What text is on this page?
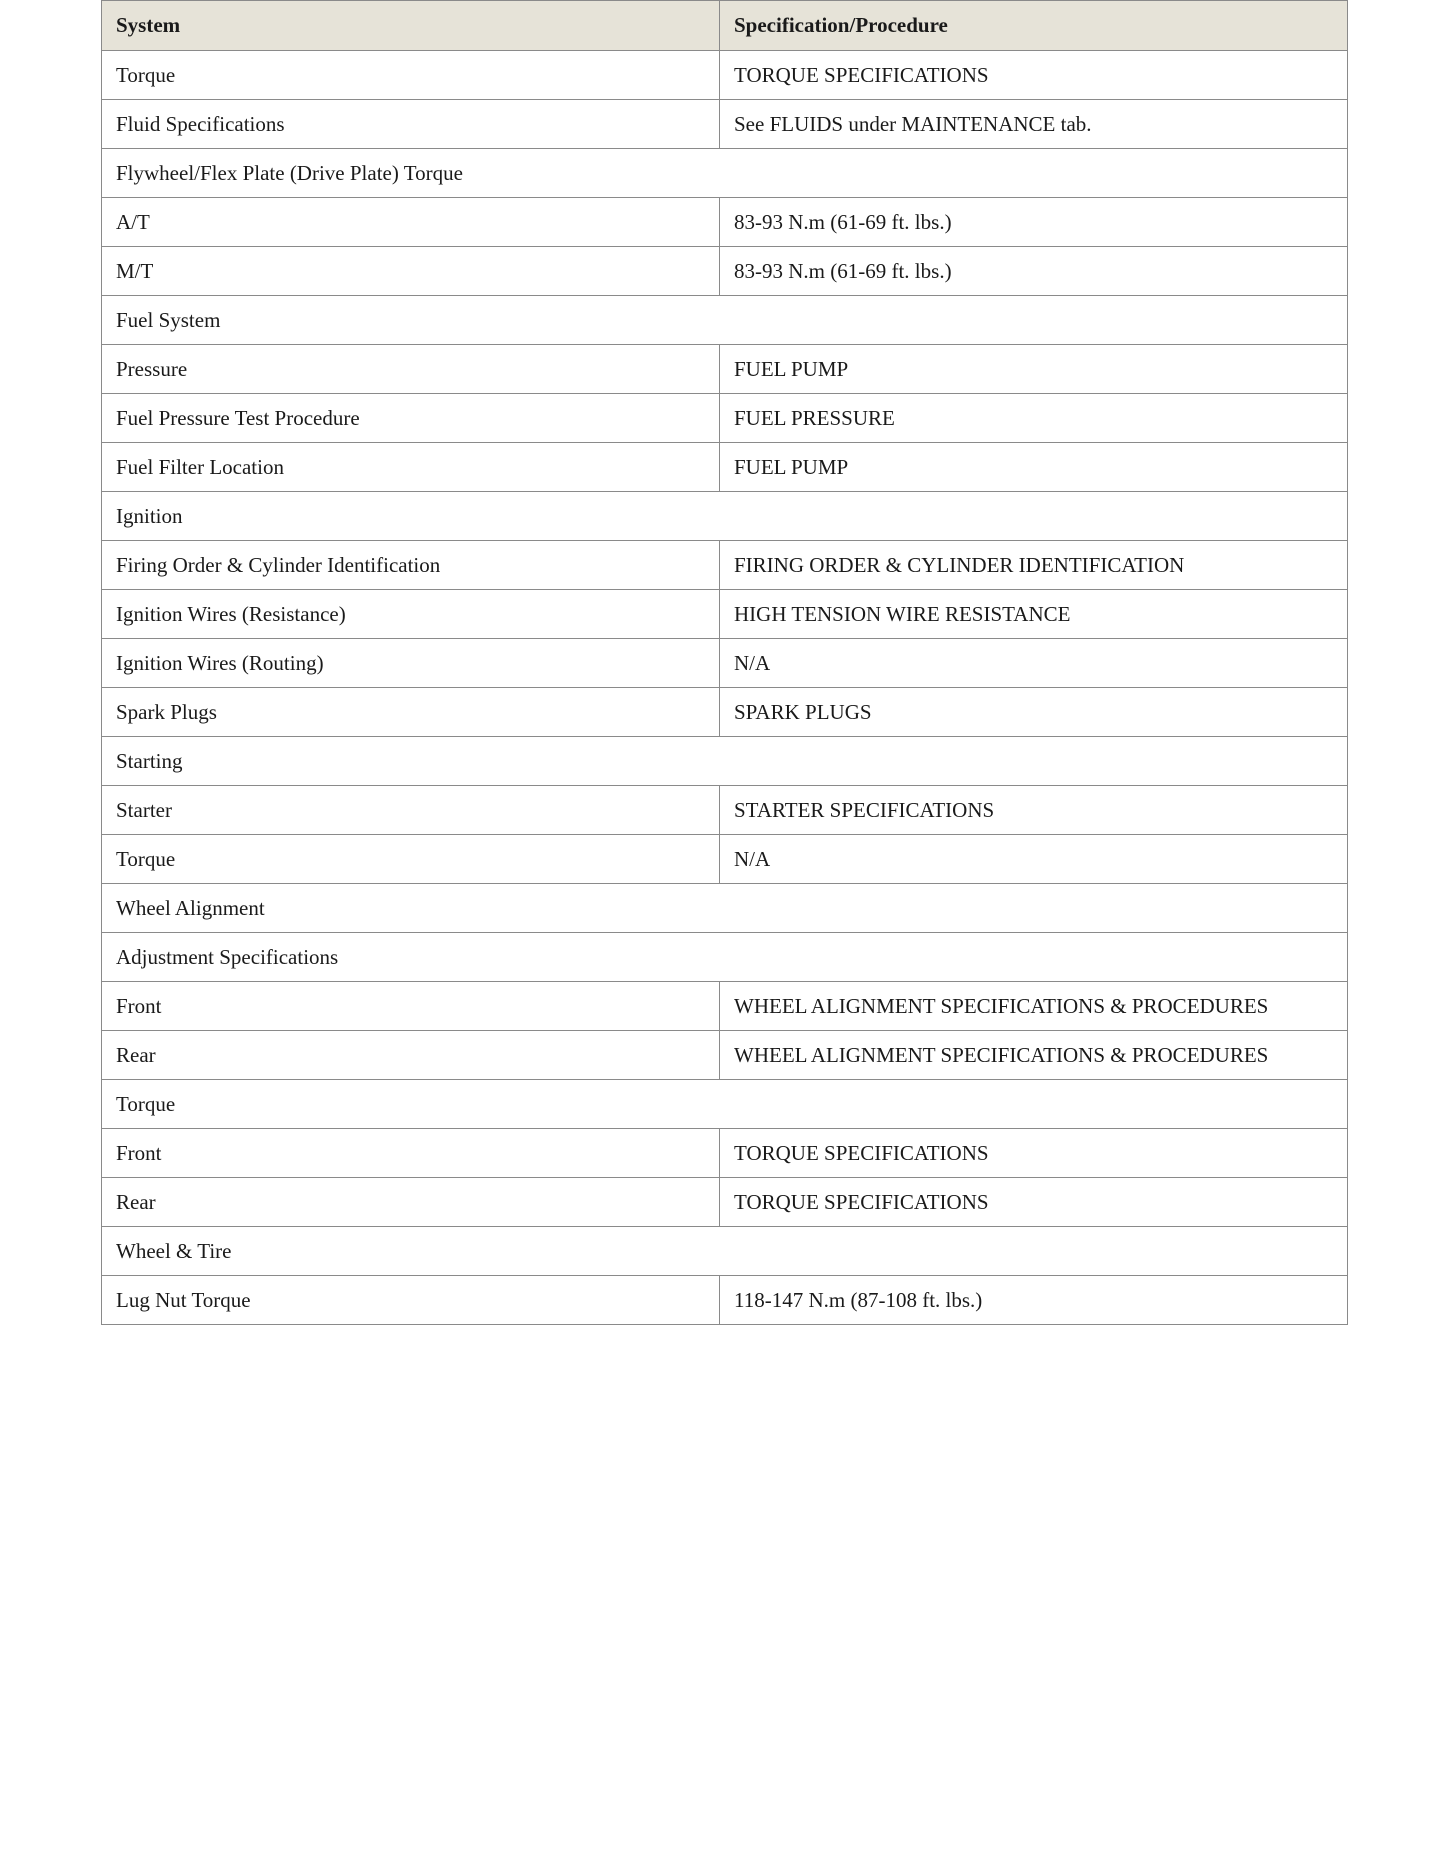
System	Specification/Procedure
Torque	TORQUE SPECIFICATIONS
Fluid Specifications	See FLUIDS under MAINTENANCE tab.
Flywheel/Flex Plate (Drive Plate) Torque	
A/T	83-93 N.m (61-69 ft. lbs.)
M/T	83-93 N.m (61-69 ft. lbs.)
Fuel System	
Pressure	FUEL PUMP
Fuel Pressure Test Procedure	FUEL PRESSURE
Fuel Filter Location	FUEL PUMP
Ignition	
Firing Order & Cylinder Identification	FIRING ORDER & CYLINDER IDENTIFICATION
Ignition Wires (Resistance)	HIGH TENSION WIRE RESISTANCE
Ignition Wires (Routing)	N/A
Spark Plugs	SPARK PLUGS
Starting	
Starter	STARTER SPECIFICATIONS
Torque	N/A
Wheel Alignment	
Adjustment Specifications	
Front	WHEEL ALIGNMENT SPECIFICATIONS & PROCEDURES
Rear	WHEEL ALIGNMENT SPECIFICATIONS & PROCEDURES
Torque	
Front	TORQUE SPECIFICATIONS
Rear	TORQUE SPECIFICATIONS
Wheel & Tire	
Lug Nut Torque	118-147 N.m (87-108 ft. lbs.)
